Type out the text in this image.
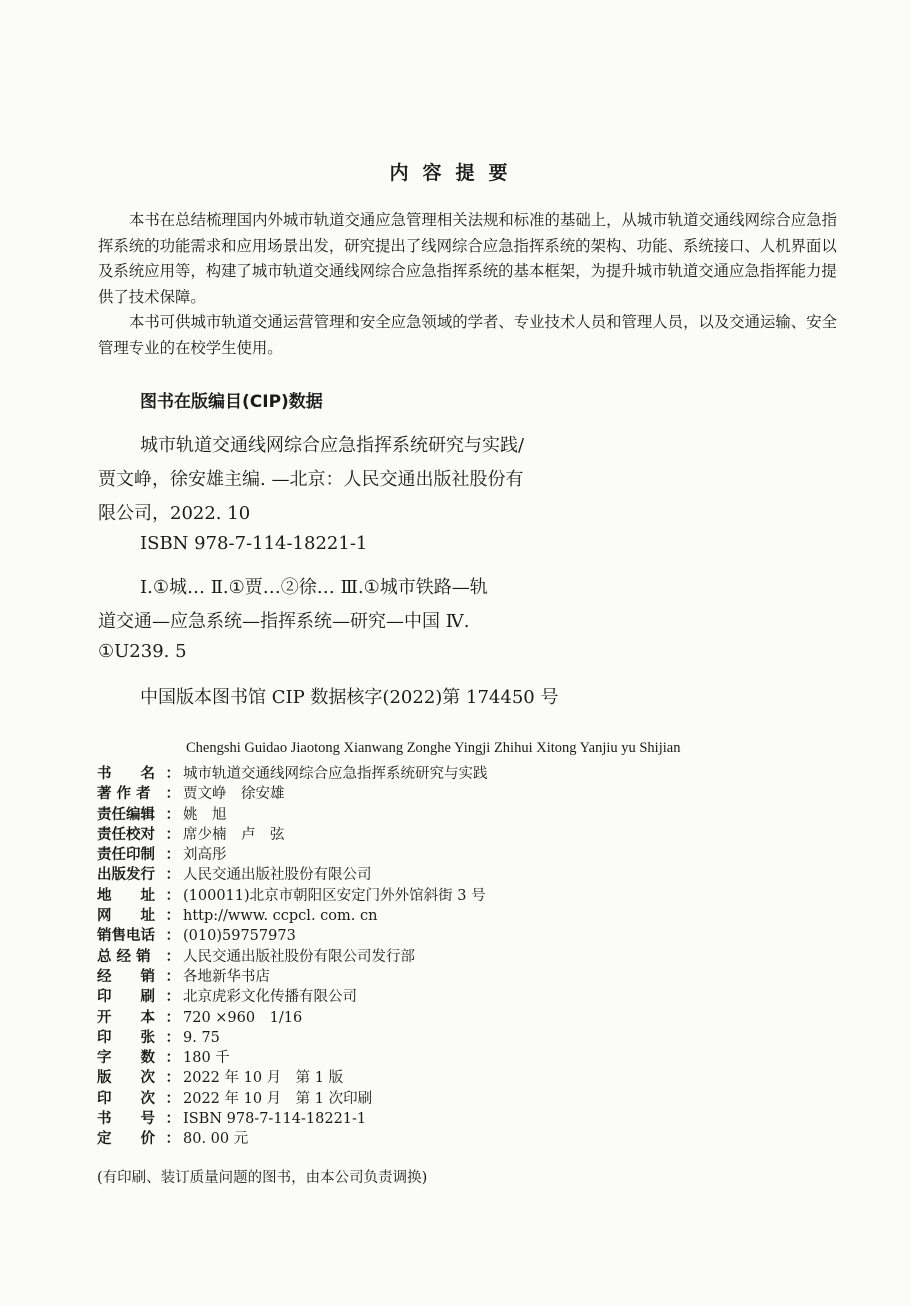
内容提要
本书在总结梳理国内外城市轨道交通应急管理相关法规和标准的基础上，从城市轨道交通线网综合应急指挥系统的功能需求和应用场景出发，研究提出了线网综合应急指挥系统的架构、功能、系统接口、人机界面以及系统应用等，构建了城市轨道交通线网综合应急指挥系统的基本框架，为提升城市轨道交通应急指挥能力提供了技术保障。
本书可供城市轨道交通运营管理和安全应急领域的学者、专业技术人员和管理人员，以及交通运输、安全管理专业的在校学生使用。
图书在版编目(CIP)数据
城市轨道交通线网综合应急指挥系统研究与实践/
贾文峥，徐安雄主编. —北京：人民交通出版社股份有
限公司，2022. 10
ISBN 978-7-114-18221-1
Ⅰ.①城… Ⅱ.①贾…②徐… Ⅲ.①城市铁路—轨
道交通—应急系统—指挥系统—研究—中国 Ⅳ.
①U239. 5
中国版本图书馆 CIP 数据核字(2022)第 174450 号
Chengshi Guidao Jiaotong Xianwang Zonghe Yingji Zhihui Xitong Yanjiu yu Shijian
书　　名 ： 城市轨道交通线网综合应急指挥系统研究与实践
著 作 者 ： 贾文峥　徐安雄
责任编辑 ： 姚　旭
责任校对 ： 席少楠　卢　弦
责任印制 ： 刘高彤
出版发行 ： 人民交通出版社股份有限公司
地　　址 ： (100011)北京市朝阳区安定门外外馆斜街 3 号
网　　址 ： http://www. ccpcl. com. cn
销售电话 ： (010)59757973
总 经 销 ： 人民交通出版社股份有限公司发行部
经　　销 ： 各地新华书店
印　　刷 ： 北京虎彩文化传播有限公司
开　　本 ： 720 ×960　1/16
印　　张 ： 9. 75
字　　数 ： 180 千
版　　次 ： 2022 年 10 月　第 1 版
印　　次 ： 2022 年 10 月　第 1 次印刷
书　　号 ： ISBN 978-7-114-18221-1
定　　价 ： 80. 00 元
(有印刷、装订质量问题的图书，由本公司负责调换)
